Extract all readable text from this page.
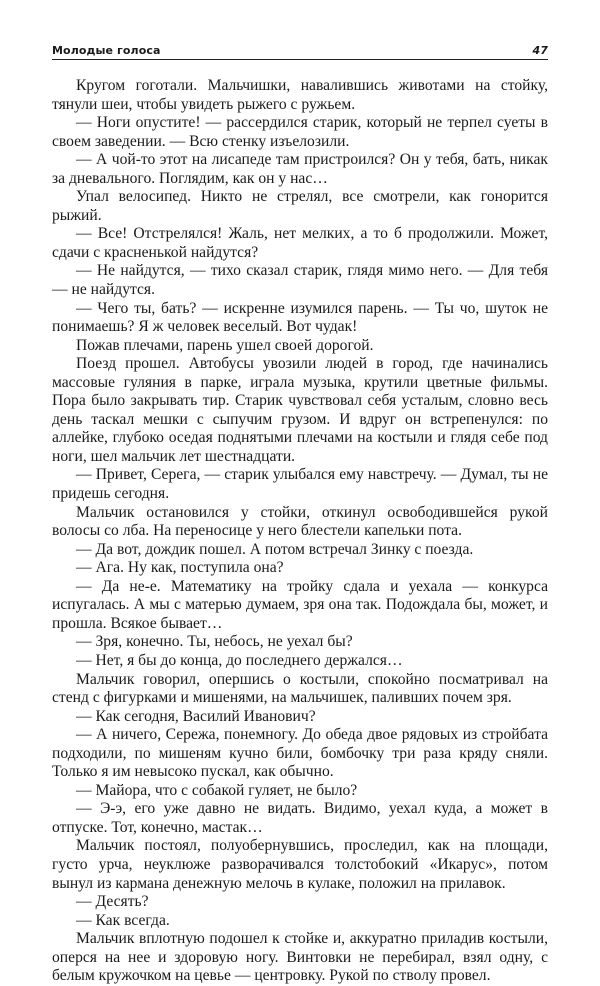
Молодые голоса	47

Кругом гоготали. Мальчишки, навалившись животами на стойку, тянули шеи, чтобы увидеть рыжего с ружьем.

— Ноги опустите! — рассердился старик, который не терпел суеты в своем заведении. — Всю стенку изъелозили.

— А чой-то этот на лисапеде там пристроился? Он у тебя, бать, никак за дневального. Поглядим, как он у нас…

Упал велосипед. Никто не стрелял, все смотрели, как гонорится рыжий.

— Все! Отстрелялся! Жаль, нет мелких, а то б продолжили. Может, сдачи с красненькой найдутся?

— Не найдутся, — тихо сказал старик, глядя мимо него. — Для тебя — не найдутся.

— Чего ты, бать? — искренне изумился парень. — Ты чо, шуток не понимаешь? Я ж человек веселый. Вот чудак!

Пожав плечами, парень ушел своей дорогой.

Поезд прошел. Автобусы увозили людей в город, где начинались массовые гуляния в парке, играла музыка, крутили цветные фильмы. Пора было закрывать тир. Старик чувствовал себя усталым, словно весь день таскал мешки с сыпучим грузом. И вдруг он встрепенулся: по аллейке, глубоко оседая поднятыми плечами на костыли и глядя себе под ноги, шел мальчик лет шестнадцати.

— Привет, Серега, — старик улыбался ему навстречу. — Думал, ты не придешь сегодня.

Мальчик остановился у стойки, откинул освободившейся рукой волосы со лба. На переносице у него блестели капельки пота.

— Да вот, дождик пошел. А потом встречал Зинку с поезда.

— Ага. Ну как, поступила она?

— Да не-е. Математику на тройку сдала и уехала — конкурса испугалась. А мы с матерью думаем, зря она так. Подождала бы, может, и прошла. Всякое бывает…

— Зря, конечно. Ты, небось, не уехал бы?

— Нет, я бы до конца, до последнего держался…

Мальчик говорил, опершись о костыли, спокойно посматривал на стенд с фигурками и мишенями, на мальчишек, паливших почем зря.

— Как сегодня, Василий Иванович?

— А ничего, Сережа, понемногу. До обеда двое рядовых из стройбата подходили, по мишеням кучно били, бомбочку три раза кряду сняли. Только я им невысоко пускал, как обычно.

— Майора, что с собакой гуляет, не было?

— Э-э, его уже давно не видать. Видимо, уехал куда, а может в отпуске. Тот, конечно, мастак…

Мальчик постоял, полуобернувшись, проследил, как на площади, густо урча, неуклюже разворачивался толстобокий «Икарус», потом вынул из кармана денежную мелочь в кулаке, положил на прилавок.

— Десять?

— Как всегда.

Мальчик вплотную подошел к стойке и, аккуратно приладив костыли, оперся на нее и здоровую ногу. Винтовки не перебирал, взял одну, с белым кружочком на цевье — центровку. Рукой по стволу провел.
